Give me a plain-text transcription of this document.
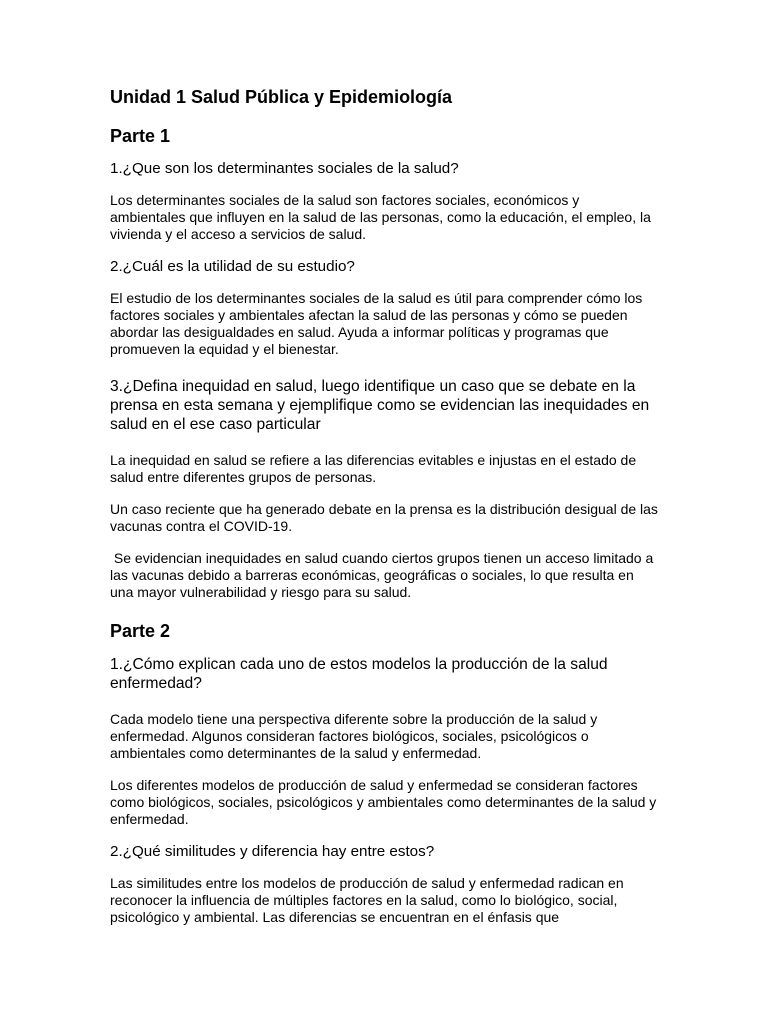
Unidad 1 Salud Pública y Epidemiología
Parte 1
1.¿Que son los determinantes sociales de la salud?
Los determinantes sociales de la salud son factores sociales, económicos y ambientales que influyen en la salud de las personas, como la educación, el empleo, la vivienda y el acceso a servicios de salud.
2.¿Cuál es la utilidad de su estudio?
El estudio de los determinantes sociales de la salud es útil para comprender cómo los factores sociales y ambientales afectan la salud de las personas y cómo se pueden abordar las desigualdades en salud. Ayuda a informar políticas y programas que promueven la equidad y el bienestar.
3.¿Defina inequidad en salud, luego identifique un caso que se debate en la prensa en esta semana y ejemplifique como se evidencian las inequidades en salud en el ese caso particular
La inequidad en salud se refiere a las diferencias evitables e injustas en el estado de salud entre diferentes grupos de personas.
Un caso reciente que ha generado debate en la prensa es la distribución desigual de las vacunas contra el COVID-19.
Se evidencian inequidades en salud cuando ciertos grupos tienen un acceso limitado a las vacunas debido a barreras económicas, geográficas o sociales, lo que resulta en una mayor vulnerabilidad y riesgo para su salud.
Parte 2
1.¿Cómo explican cada uno de estos modelos la producción de la salud enfermedad?
Cada modelo tiene una perspectiva diferente sobre la producción de la salud y enfermedad. Algunos consideran factores biológicos, sociales, psicológicos o ambientales como determinantes de la salud y enfermedad.
Los diferentes modelos de producción de salud y enfermedad se consideran factores como biológicos, sociales, psicológicos y ambientales como determinantes de la salud y enfermedad.
2.¿Qué similitudes y diferencia hay entre estos?
Las similitudes entre los modelos de producción de salud y enfermedad radican en reconocer la influencia de múltiples factores en la salud, como lo biológico, social, psicológico y ambiental. Las diferencias se encuentran en el énfasis que
